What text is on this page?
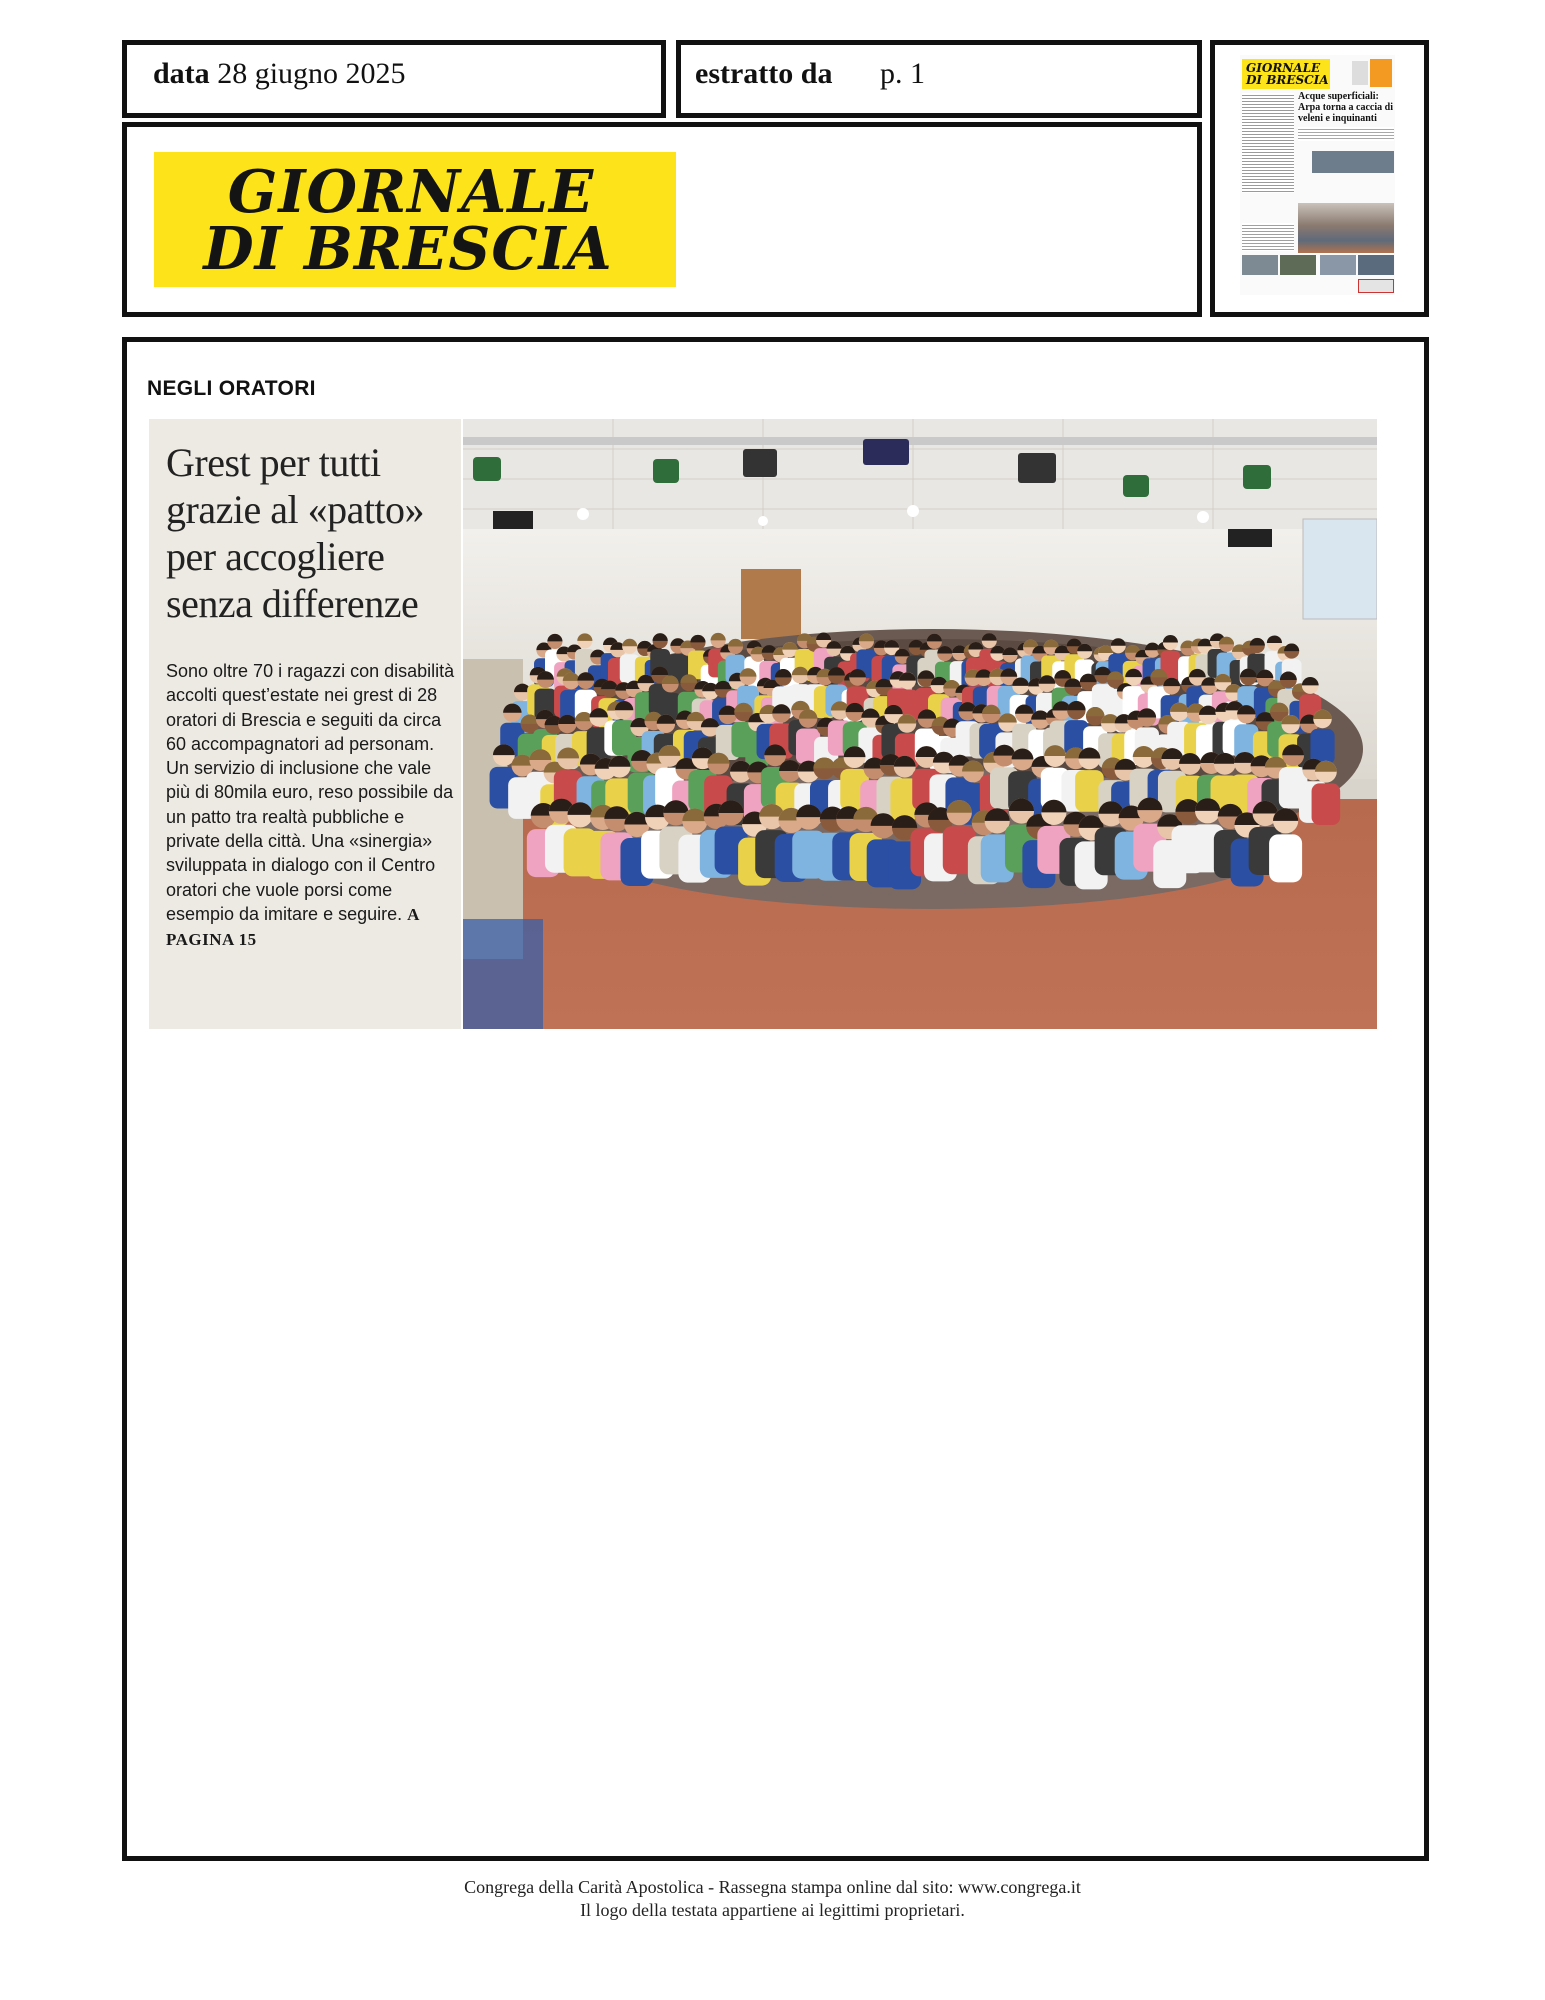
data 28 giugno 2025	estratto da p. 1
GIORNALE
DI BRESCIA
GIORNALE
DI BRESCIA
Acque superficiali: Arpa torna a caccia di veleni e inquinanti
NEGLI ORATORI
Grest per tutti grazie al «patto» per accogliere senza differenze
Sono oltre 70 i ragazzi con disabilità accolti quest’estate nei grest di 28 oratori di Brescia e seguiti da circa 60 accompagnatori ad personam. Un servizio di inclusione che vale più di 80mila euro, reso possibile da un patto tra realtà pubbliche e private della città. Una «sinergia» sviluppata in dialogo con il Centro oratori che vuole porsi come esempio da imitare e seguire. A PAGINA 15
Congrega della Carità Apostolica - Rassegna stampa online dal sito: www.congrega.it
Il logo della testata appartiene ai legittimi proprietari.
